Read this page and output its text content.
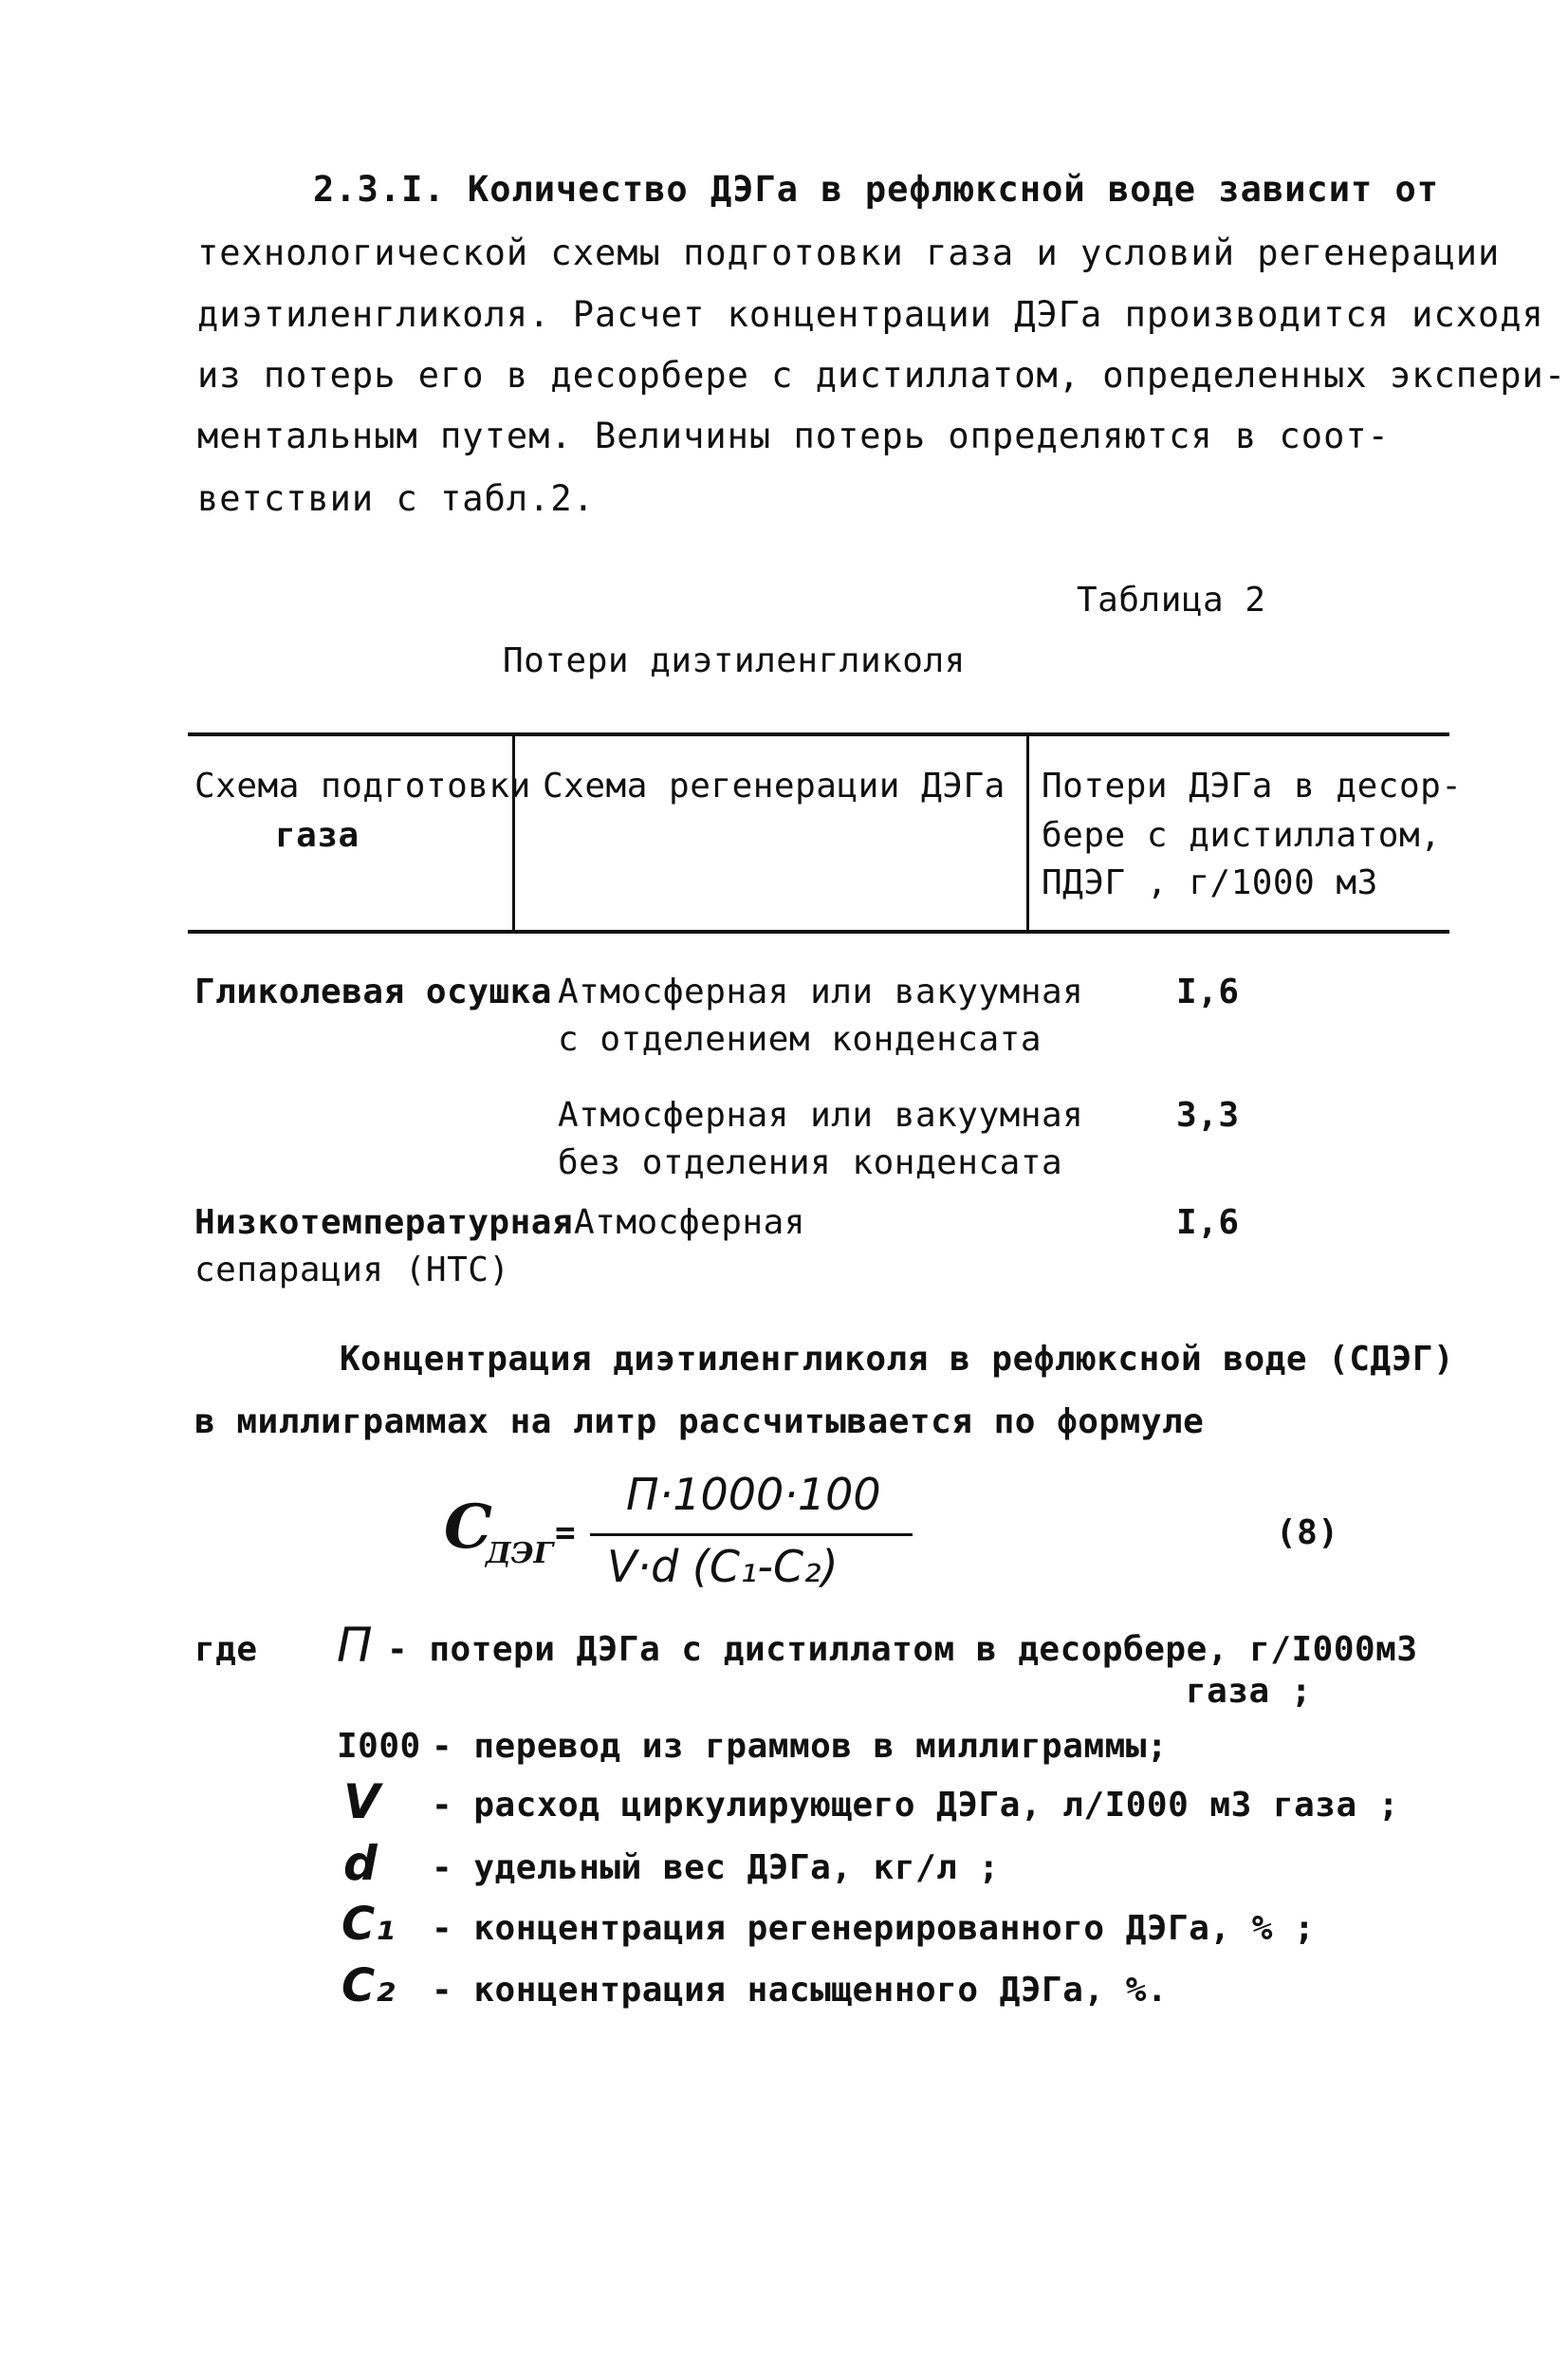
2.3.I. Количество ДЭГа в рефлюксной воде зависит от
технологической схемы подготовки газа и условий регенерации
диэтиленгликоля. Расчет концентрации ДЭГа производится исходя
из потерь его в десорбере с дистиллатом, определенных экспери-
ментальным путем. Величины потерь определяются в соот-
ветствии с табл.2.
Таблица 2
Потери диэтиленгликоля
Схема подготовки
газа
Схема регенерации ДЭГа Потери ДЭГа в десор-
бере с дистиллатом,
ПДЭГ , г/1000 м3
Гликолевая осушка Атмосферная или вакуумная
с отделением конденсата
I,6
Атмосферная или вакуумная
без отделения конденсата
3,3
Низкотемпературная
сепарация (НТС)
Атмосферная	I,6
Концентрация диэтиленгликоля в рефлюксной воде (CДЭГ)
в миллиграммах на литр рассчитывается по формуле
C
ДЭГ
=
П·1000·100
V·d (C₁-C₂)
(8)
где П - потери ДЭГа с дистиллатом в десорбере, г/I000м3
газа ;
I000 - перевод из граммов в миллиграммы;
V - расход циркулирующего ДЭГа, л/I000 м3 газа ;
d - удельный вес ДЭГа, кг/л ;
C₁ - концентрация регенерированного ДЭГа, % ;
C₂ - концентрация насыщенного ДЭГа, %.
